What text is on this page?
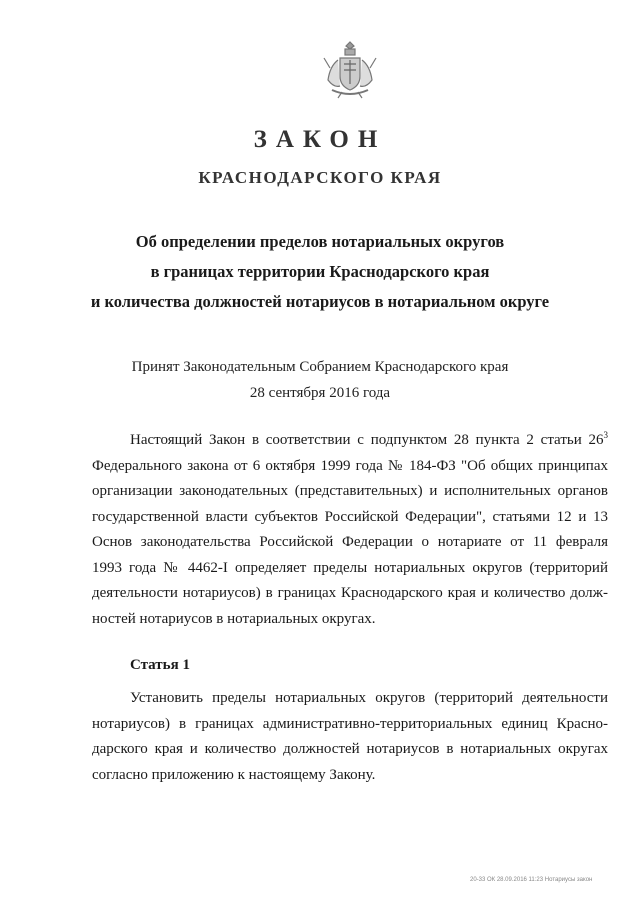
ЗАКОН
КРАСНОДАРСКОГО КРАЯ
Об определении пределов нотариальных округов
в границах территории Краснодарского края
и количества должностей нотариусов в нотариальном округе
Принят Законодательным Собранием Краснодарского края
28 сентября 2016 года
Настоящий Закон в соответствии с подпунктом 28 пункта 2 статьи $26^3$
Федерального закона от 6 октября 1999 года № 184-ФЗ "Об общих принципах
организации законодательных (представительных) и исполнительных органов
государственной власти субъектов Российской Федерации", статьями 12 и 13
Основ законодательства Российской Федерации о нотариате от 11 февраля
1993 года № 4462-I определяет пределы нотариальных округов (территорий
деятельности нотариусов) в границах Краснодарского края и количество долж-
ностей нотариусов в нотариальных округах.
Статья 1
Установить пределы нотариальных округов (территорий деятельности
нотариусов) в границах административно-территориальных единиц Красно-
дарского края и количество должностей нотариусов в нотариальных округах
согласно приложению к настоящему Закону.
20-33 ОК 28.09.2016 11:23 Нотариусы закон
